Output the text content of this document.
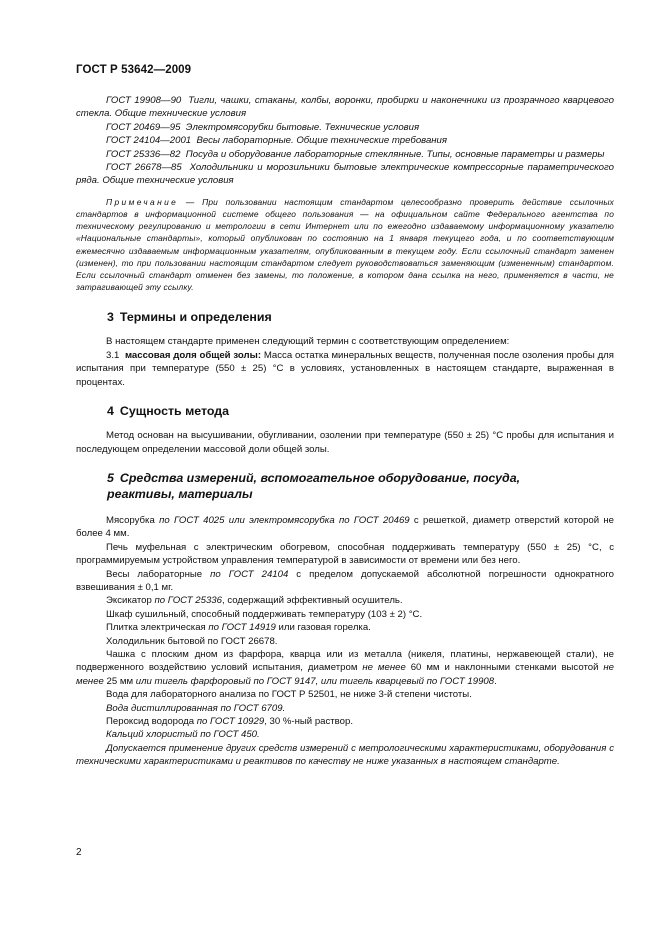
ГОСТ Р 53642—2009

ГОСТ 19908—90 Тигли, чашки, стаканы, колбы, воронки, пробирки и наконечники из прозрачного кварцевого стекла. Общие технические условия

ГОСТ 20469—95 Электромясорубки бытовые. Технические условия

ГОСТ 24104—2001 Весы лабораторные. Общие технические требования

ГОСТ 25336—82 Посуда и оборудование лабораторные стеклянные. Типы, основные параметры и размеры

ГОСТ 26678—85 Холодильники и морозильники бытовые электрические компрессорные параметрического ряда. Общие технические условия

Примечание — При пользовании настоящим стандартом целесообразно проверить действие ссылочных стандартов в информационной системе общего пользования — на официальном сайте Федерального агентства по техническому регулированию и метрологии в сети Интернет или по ежегодно издаваемому информационному указателю «Национальные стандарты», который опубликован по состоянию на 1 января текущего года, и по соответствующим ежемесячно издаваемым информационным указателям, опубликованным в текущем году. Если ссылочный стандарт заменен (изменен), то при пользовании настоящим стандартом следует руководствоваться заменяющим (измененным) стандартом. Если ссылочный стандарт отменен без замены, то положение, в котором дана ссылка на него, применяется в части, не затрагивающей эту ссылку.

3 Термины и определения

В настоящем стандарте применен следующий термин с соответствующим определением:

3.1 массовая доля общей золы: Масса остатка минеральных веществ, полученная после озоления пробы для испытания при температуре (550 ± 25) °С в условиях, установленных в настоящем стандарте, выраженная в процентах.

4 Сущность метода

Метод основан на высушивании, обугливании, озолении при температуре (550 ± 25) °С пробы для испытания и последующем определении массовой доли общей золы.

5 Средства измерений, вспомогательное оборудование, посуда, реактивы, материалы

Мясорубка по ГОСТ 4025 или электромясорубка по ГОСТ 20469 с решеткой, диаметр отверстий которой не более 4 мм.

Печь муфельная с электрическим обогревом, способная поддерживать температуру (550 ± 25) °С, с программируемым устройством управления температурой в зависимости от времени или без него.

Весы лабораторные по ГОСТ 24104 с пределом допускаемой абсолютной погрешности однократного взвешивания ± 0,1 мг.

Эксикатор по ГОСТ 25336, содержащий эффективный осушитель.

Шкаф сушильный, способный поддерживать температуру (103 ± 2) °С.

Плитка электрическая по ГОСТ 14919 или газовая горелка.

Холодильник бытовой по ГОСТ 26678.

Чашка с плоским дном из фарфора, кварца или из металла (никеля, платины, нержавеющей стали), не подверженного воздействию условий испытания, диаметром не менее 60 мм и наклонными стенками высотой не менее 25 мм или тигель фарфоровый по ГОСТ 9147, или тигель кварцевый по ГОСТ 19908.

Вода для лабораторного анализа по ГОСТ Р 52501, не ниже 3-й степени чистоты.

Вода дистиллированная по ГОСТ 6709.

Пероксид водорода по ГОСТ 10929, 30 %-ный раствор.

Кальций хлористый по ГОСТ 450.

Допускается применение других средств измерений с метрологическими характеристиками, оборудования с техническими характеристиками и реактивов по качеству не ниже указанных в настоящем стандарте.

2
